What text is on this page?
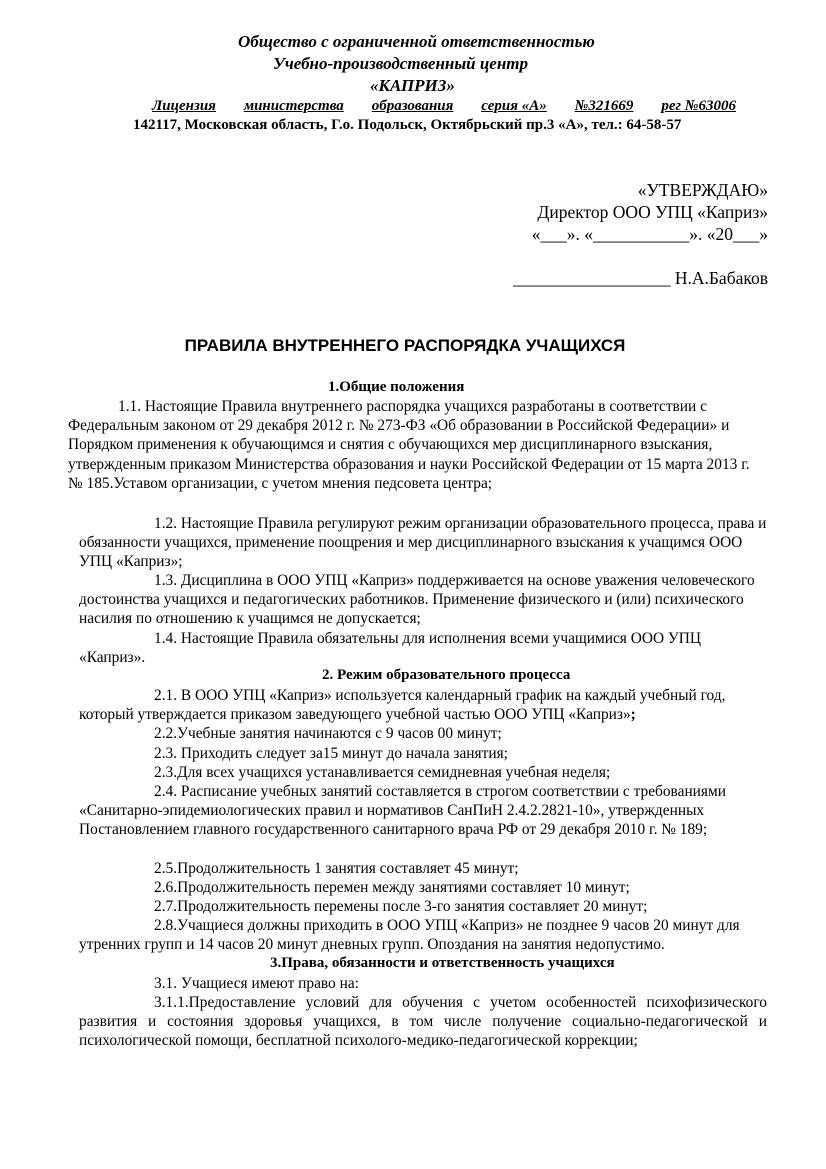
Общество с ограниченной ответственностью
Учебно-производственный центр
«КАПРИЗ»
Лицензия министерства образования серия «А» №321669 рег №63006
142117, Московская область, Г.о. Подольск, Октябрьский пр.3 «А», тел.: 64-58-57
«УТВЕРЖДАЮ»
Директор ООО УПЦ «Каприз»
«___». «___________». «20___»
__________________ Н.А.Бабаков
ПРАВИЛА ВНУТРЕННЕГО РАСПОРЯДКА УЧАЩИХСЯ
1.Общие положения

1.1. Настоящие Правила внутреннего распорядка учащихся разработаны в соответствии с Федеральным законом от 29 декабря 2012 г. № 273-ФЗ «Об образовании в Российской Федерации» и Порядком применения к обучающимся и снятия с обучающихся мер дисциплинарного взыскания, утвержденным приказом Министерства образования и науки Российской Федерации от 15 марта 2013 г. № 185.Уставом организации, с учетом мнения педсовета центра;

1.2. Настоящие Правила регулируют режим организации образовательного процесса, права и обязанности учащихся, применение поощрения и мер дисциплинарного взыскания к учащимся ООО УПЦ «Каприз»;

1.3. Дисциплина в ООО УПЦ «Каприз» поддерживается на основе уважения человеческого достоинства учащихся и педагогических работников. Применение физического и (или) психического насилия по отношению к учащимся не допускается;

1.4. Настоящие Правила обязательны для исполнения всеми учащимися ООО УПЦ «Каприз».

2. Режим образовательного процесса

2.1. В ООО УПЦ «Каприз» используется календарный график на каждый учебный год, который утверждается приказом заведующего учебной частью ООО УПЦ «Каприз»;

2.2.Учебные занятия начинаются с 9 часов 00 минут;

2.3. Приходить следует за15 минут до начала занятия;

2.3.Для всех учащихся устанавливается семидневная учебная неделя;

2.4. Расписание учебных занятий составляется в строгом соответствии с требованиями «Санитарно-эпидемиологических правил и нормативов СанПиН 2.4.2.2821-10», утвержденных Постановлением главного государственного санитарного врача РФ от 29 декабря 2010 г. № 189;

2.5.Продолжительность 1 занятия составляет 45 минут;

2.6.Продолжительность перемен между занятиями составляет 10 минут;

2.7.Продолжительность перемены после 3-го занятия составляет 20 минут;

2.8.Учащиеся должны приходить в ООО УПЦ «Каприз» не позднее 9 часов 20 минут для утренних групп и 14 часов 20 минут дневных групп. Опоздания на занятия недопустимо.

3.Права, обязанности и ответственность учащихся

3.1. Учащиеся имеют право на:

3.1.1.Предоставление условий для обучения с учетом особенностей психофизического развития и состояния здоровья учащихся, в том числе получение социально-педагогической и психологической помощи, бесплатной психолого-медико-педагогической коррекции;
